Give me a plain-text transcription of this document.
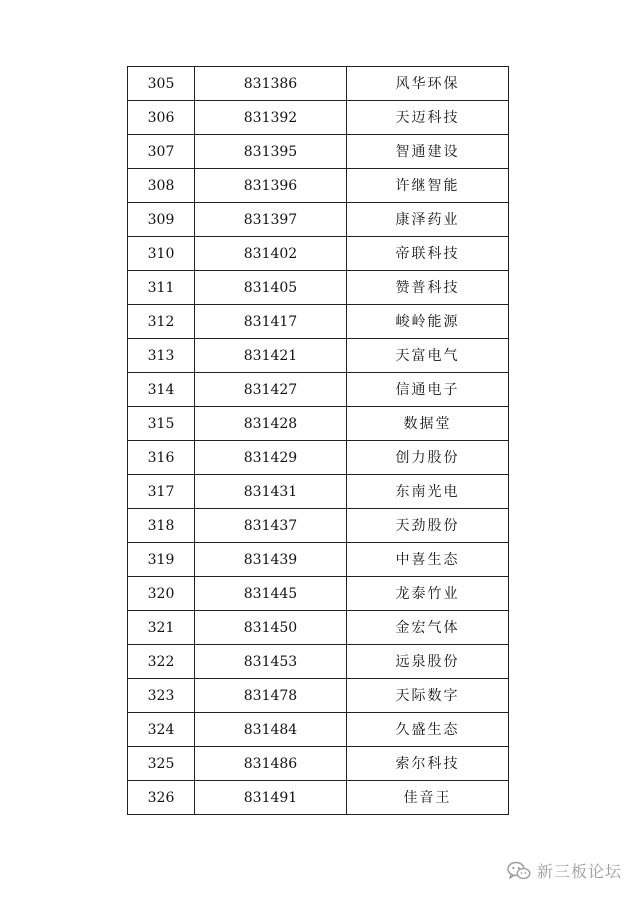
305	831386	风华环保
306	831392	天迈科技
307	831395	智通建设
308	831396	许继智能
309	831397	康泽药业
310	831402	帝联科技
311	831405	赞普科技
312	831417	峻岭能源
313	831421	天富电气
314	831427	信通电子
315	831428	数据堂
316	831429	创力股份
317	831431	东南光电
318	831437	天劲股份
319	831439	中喜生态
320	831445	龙泰竹业
321	831450	金宏气体
322	831453	远泉股份
323	831478	天际数字
324	831484	久盛生态
325	831486	索尔科技
326	831491	佳音王
新三板论坛
